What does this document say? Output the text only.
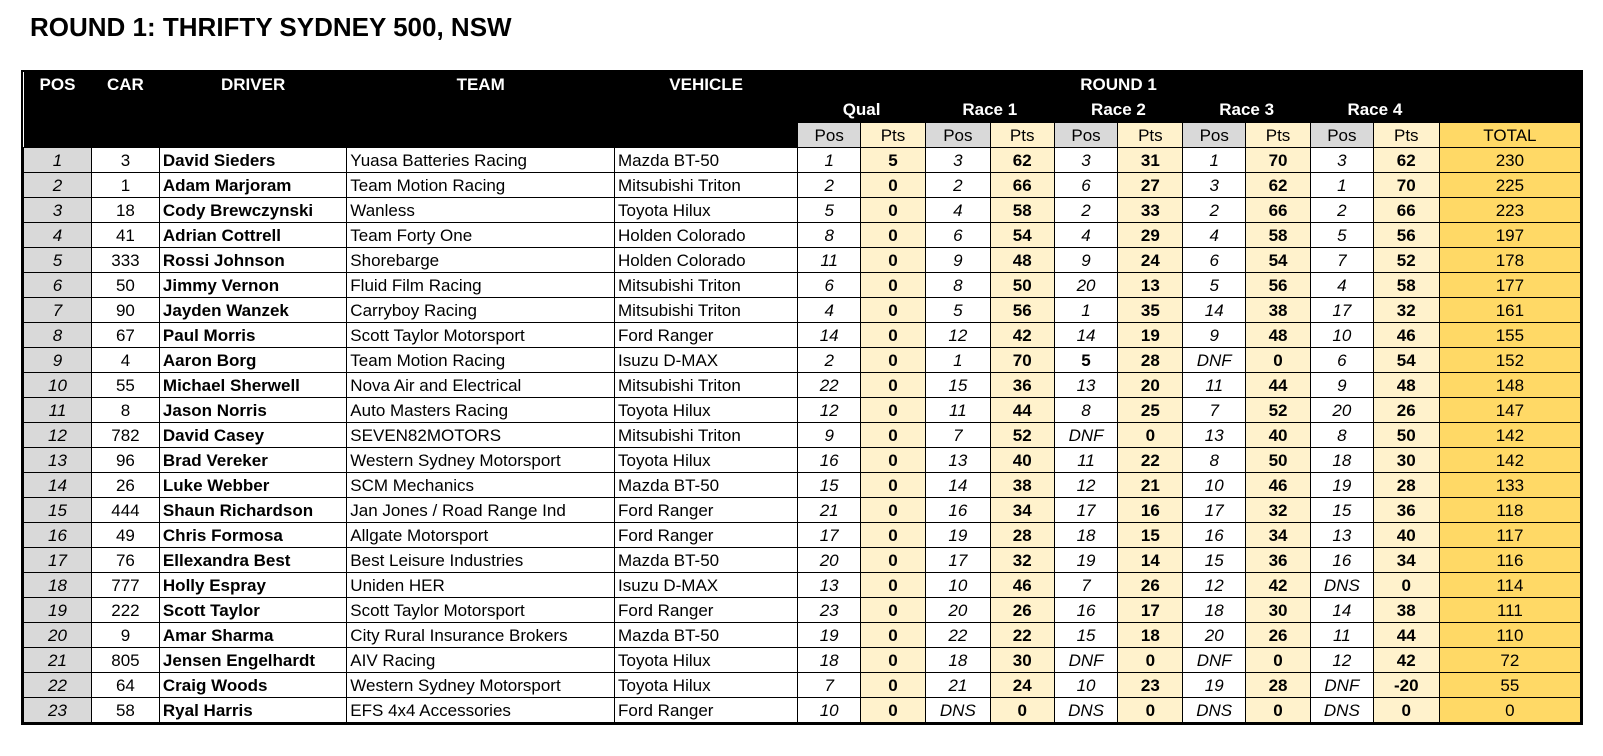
ROUND 1: THRIFTY SYDNEY 500, NSW
POS	CAR	DRIVER	TEAM	VEHICLE	ROUND 1										
					Qual		Race 1		Race 2		Race 3		Race 4		
					Pos	Pts	Pos	Pts	Pos	Pts	Pos	Pts	Pos	Pts	TOTAL
1	3	David Sieders	Yuasa Batteries Racing	Mazda BT-50	1	5	3	62	3	31	1	70	3	62	230
2	1	Adam Marjoram	Team Motion Racing	Mitsubishi Triton	2	0	2	66	6	27	3	62	1	70	225
3	18	Cody Brewczynski	Wanless	Toyota Hilux	5	0	4	58	2	33	2	66	2	66	223
4	41	Adrian Cottrell	Team Forty One	Holden Colorado	8	0	6	54	4	29	4	58	5	56	197
5	333	Rossi Johnson	Shorebarge	Holden Colorado	11	0	9	48	9	24	6	54	7	52	178
6	50	Jimmy Vernon	Fluid Film Racing	Mitsubishi Triton	6	0	8	50	20	13	5	56	4	58	177
7	90	Jayden Wanzek	Carryboy Racing	Mitsubishi Triton	4	0	5	56	1	35	14	38	17	32	161
8	67	Paul Morris	Scott Taylor Motorsport	Ford Ranger	14	0	12	42	14	19	9	48	10	46	155
9	4	Aaron Borg	Team Motion Racing	Isuzu D-MAX	2	0	1	70	5	28	DNF	0	6	54	152
10	55	Michael Sherwell	Nova Air and Electrical	Mitsubishi Triton	22	0	15	36	13	20	11	44	9	48	148
11	8	Jason Norris	Auto Masters Racing	Toyota Hilux	12	0	11	44	8	25	7	52	20	26	147
12	782	David Casey	SEVEN82MOTORS	Mitsubishi Triton	9	0	7	52	DNF	0	13	40	8	50	142
13	96	Brad Vereker	Western Sydney Motorsport	Toyota Hilux	16	0	13	40	11	22	8	50	18	30	142
14	26	Luke Webber	SCM Mechanics	Mazda BT-50	15	0	14	38	12	21	10	46	19	28	133
15	444	Shaun Richardson	Jan Jones / Road Range Ind	Ford Ranger	21	0	16	34	17	16	17	32	15	36	118
16	49	Chris Formosa	Allgate Motorsport	Ford Ranger	17	0	19	28	18	15	16	34	13	40	117
17	76	Ellexandra Best	Best Leisure Industries	Mazda BT-50	20	0	17	32	19	14	15	36	16	34	116
18	777	Holly Espray	Uniden HER	Isuzu D-MAX	13	0	10	46	7	26	12	42	DNS	0	114
19	222	Scott Taylor	Scott Taylor Motorsport	Ford Ranger	23	0	20	26	16	17	18	30	14	38	111
20	9	Amar Sharma	City Rural Insurance Brokers	Mazda BT-50	19	0	22	22	15	18	20	26	11	44	110
21	805	Jensen Engelhardt	AIV Racing	Toyota Hilux	18	0	18	30	DNF	0	DNF	0	12	42	72
22	64	Craig Woods	Western Sydney Motorsport	Toyota Hilux	7	0	21	24	10	23	19	28	DNF	-20	55
23	58	Ryal Harris	EFS 4x4 Accessories	Ford Ranger	10	0	DNS	0	DNS	0	DNS	0	DNS	0	0
